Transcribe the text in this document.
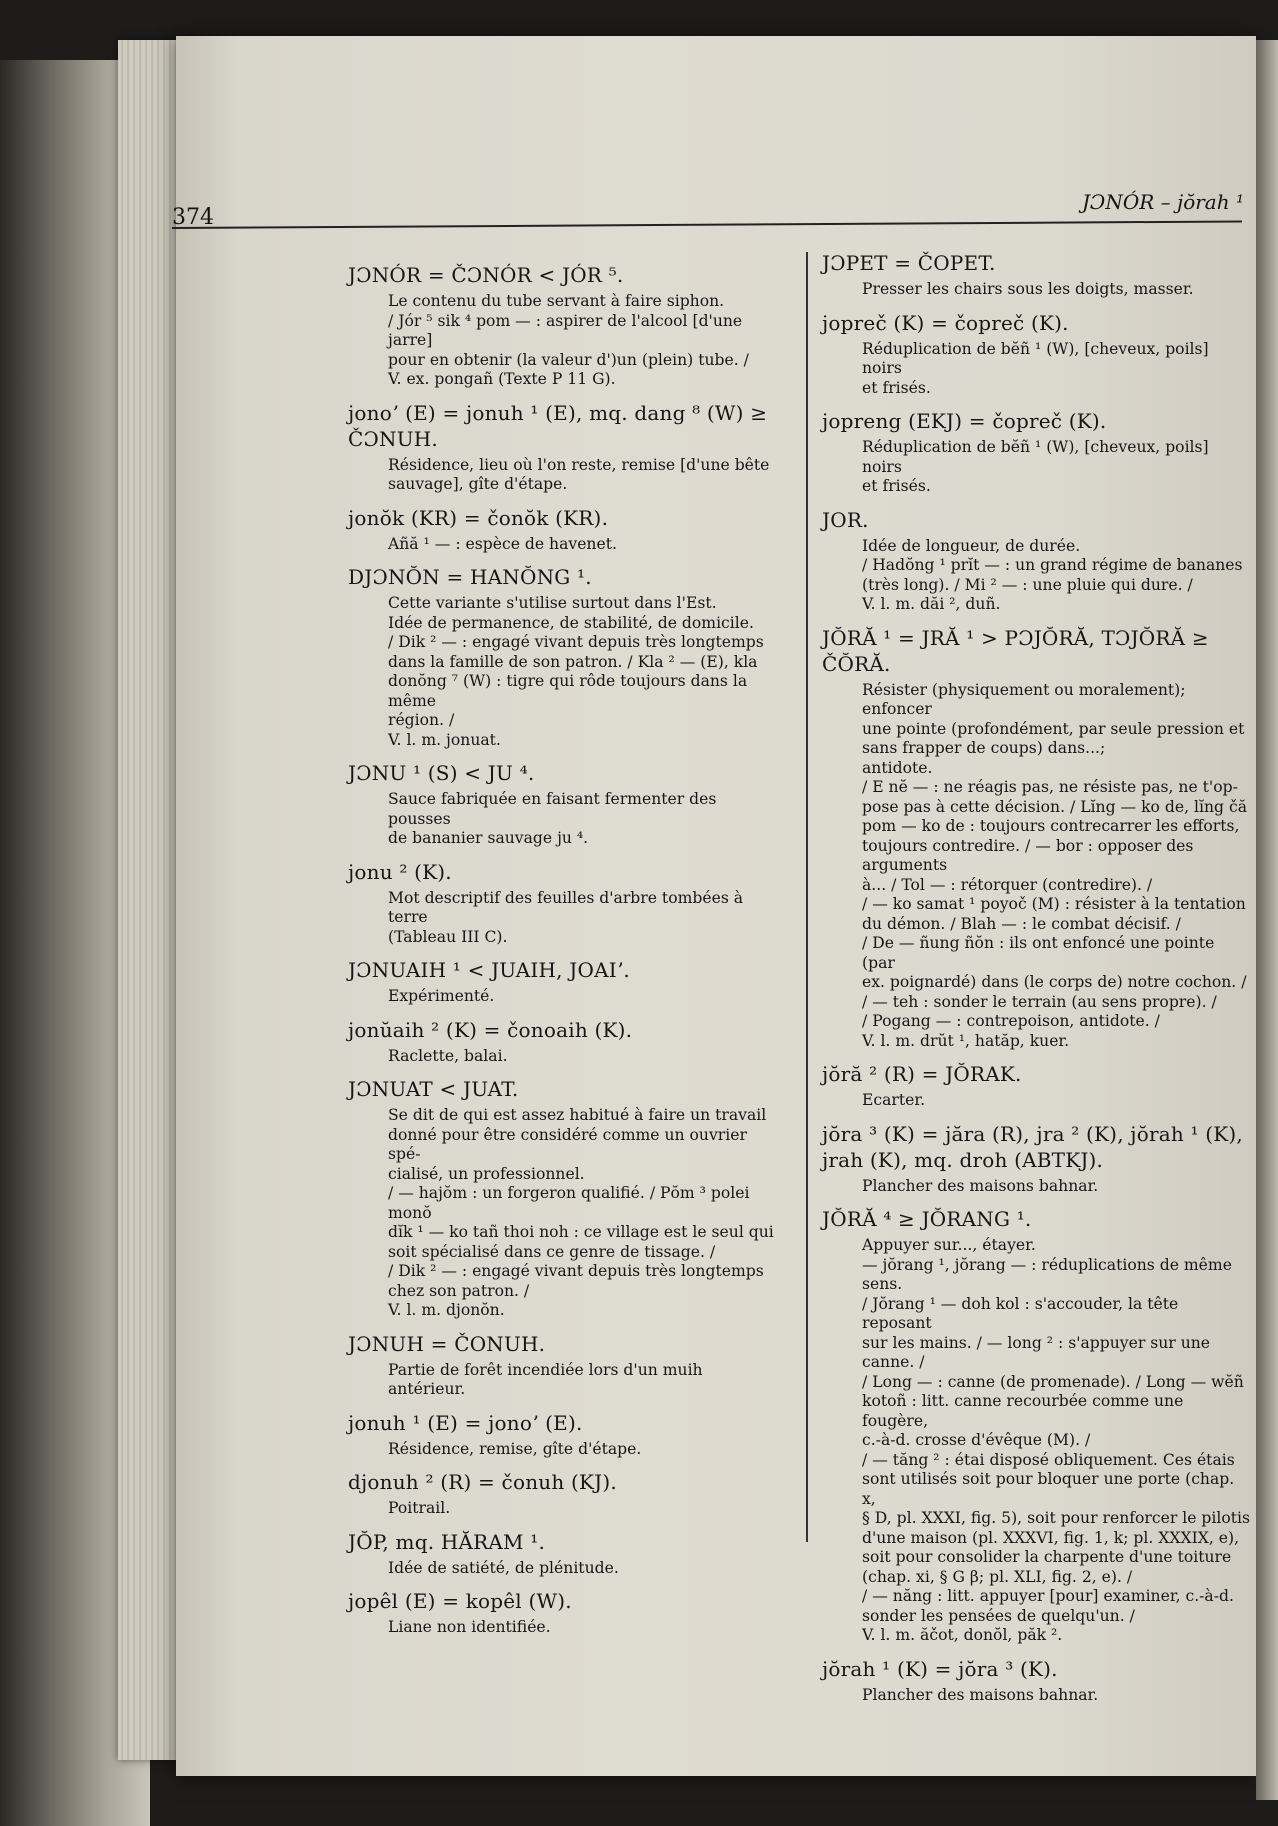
374
JƆNÓR – jŏrah ¹
JƆNÓR = ČƆNÓR < JÓR ⁵.

Le contenu du tube servant à faire siphon.

/ Jór ⁵ sik ⁴ pom — : aspirer de l'alcool [d'une jarre]

pour en obtenir (la valeur d')un (plein) tube. /

V. ex. pongañ (Texte P 11 G).

jonoʼ (E) = jonuh ¹ (E), mq. dang ⁸ (W) ≥ ČƆNUH.

Résidence, lieu où l'on reste, remise [d'une bête

sauvage], gîte d'étape.

jonŏk (KR) = čonŏk (KR).

Añă ¹ — : espèce de havenet.

DJƆNŎN = HANŎNG ¹.

Cette variante s'utilise surtout dans l'Est.

Idée de permanence, de stabilité, de domicile.

/ Dik ² — : engagé vivant depuis très longtemps

dans la famille de son patron. / Kla ² — (E), kla

donŏng ⁷ (W) : tigre qui rôde toujours dans la même

région. /

V. l. m. jonuat.

JƆNU ¹ (S) < JU ⁴.

Sauce fabriquée en faisant fermenter des pousses

de bananier sauvage ju ⁴.

jonu ² (K).

Mot descriptif des feuilles d'arbre tombées à terre

(Tableau III C).

JƆNUAIH ¹ < JUAIH, JOAIʼ.

Expérimenté.

jonŭaih ² (K) = čonoaih (K).

Raclette, balai.

JƆNUAT < JUAT.

Se dit de qui est assez habitué à faire un travail

donné pour être considéré comme un ouvrier spé-

cialisé, un professionnel.

/ — hajŏm : un forgeron qualifié. / Pŏm ³ polei monŏ

dĭk ¹ — ko tañ thoi noh : ce village est le seul qui

soit spécialisé dans ce genre de tissage. /

/ Dik ² — : engagé vivant depuis très longtemps

chez son patron. /

V. l. m. djonŏn.

JƆNUH = ČONUH.

Partie de forêt incendiée lors d'un muih antérieur.

jonuh ¹ (E) = jonoʼ (E).

Résidence, remise, gîte d'étape.

djonuh ² (R) = čonuh (KJ).

Poitrail.

JŎP, mq. HĂRAM ¹.

Idée de satiété, de plénitude.

jopêl (E) = kopêl (W).

Liane non identifiée.

JƆPET = ČOPET.

Presser les chairs sous les doigts, masser.

jopreč (K) = čopreč (K).

Réduplication de bĕñ ¹ (W), [cheveux, poils] noirs

et frisés.

jopreng (EKJ) = čopreč (K).

Réduplication de bĕñ ¹ (W), [cheveux, poils] noirs

et frisés.

JOR.

Idée de longueur, de durée.

/ Hadŏng ¹ prĭt — : un grand régime de bananes

(très long). / Mi ² — : une pluie qui dure. /

V. l. m. dăi ², duñ.

JŎRĂ ¹ = JRĂ ¹ > PƆJŎRĂ, TƆJŎRĂ ≥ ČŎRĂ.

Résister (physiquement ou moralement); enfoncer

une pointe (profondément, par seule pression et

sans frapper de coups) dans...;

antidote.

/ E nĕ — : ne réagis pas, ne résiste pas, ne t'op-

pose pas à cette décision. / Lĭng — ko de, lĭng čă

pom — ko de : toujours contrecarrer les efforts,

toujours contredire. / — bor : opposer des arguments

à... / Tol — : rétorquer (contredire). /

/ — ko samat ¹ poyoč (M) : résister à la tentation

du démon. / Blah — : le combat décisif. /

/ De — ñung ñŏn : ils ont enfoncé une pointe (par

ex. poignardé) dans (le corps de) notre cochon. /

/ — teh : sonder le terrain (au sens propre). /

/ Pogang — : contrepoison, antidote. /

V. l. m. drŭt ¹, hatăp, kuer.

jŏră ² (R) = JŎRAK.

Ecarter.

jŏra ³ (K) = jăra (R), jra ² (K), jŏrah ¹ (K), jrah (K), mq. droh (ABTKJ).

Plancher des maisons bahnar.

JŎRĂ ⁴ ≥ JŎRANG ¹.

Appuyer sur..., étayer.

— jŏrang ¹, jŏrang — : réduplications de même

sens.

/ Jŏrang ¹ — doh kol : s'accouder, la tête reposant

sur les mains. / — long ² : s'appuyer sur une canne. /

/ Long — : canne (de promenade). / Long — wĕñ

kotoñ : litt. canne recourbée comme une fougère,

c.-à-d. crosse d'évêque (M). /

/ — tăng ² : étai disposé obliquement. Ces étais

sont utilisés soit pour bloquer une porte (chap. x,

§ D, pl. XXXI, fig. 5), soit pour renforcer le pilotis

d'une maison (pl. XXXVI, fig. 1, k; pl. XXXIX, e),

soit pour consolider la charpente d'une toiture

(chap. xi, § G β; pl. XLI, fig. 2, e). /

/ — năng : litt. appuyer [pour] examiner, c.-à-d.

sonder les pensées de quelqu'un. /

V. l. m. ăčot, donŏl, păk ².

jŏrah ¹ (K) = jŏra ³ (K).

Plancher des maisons bahnar.
